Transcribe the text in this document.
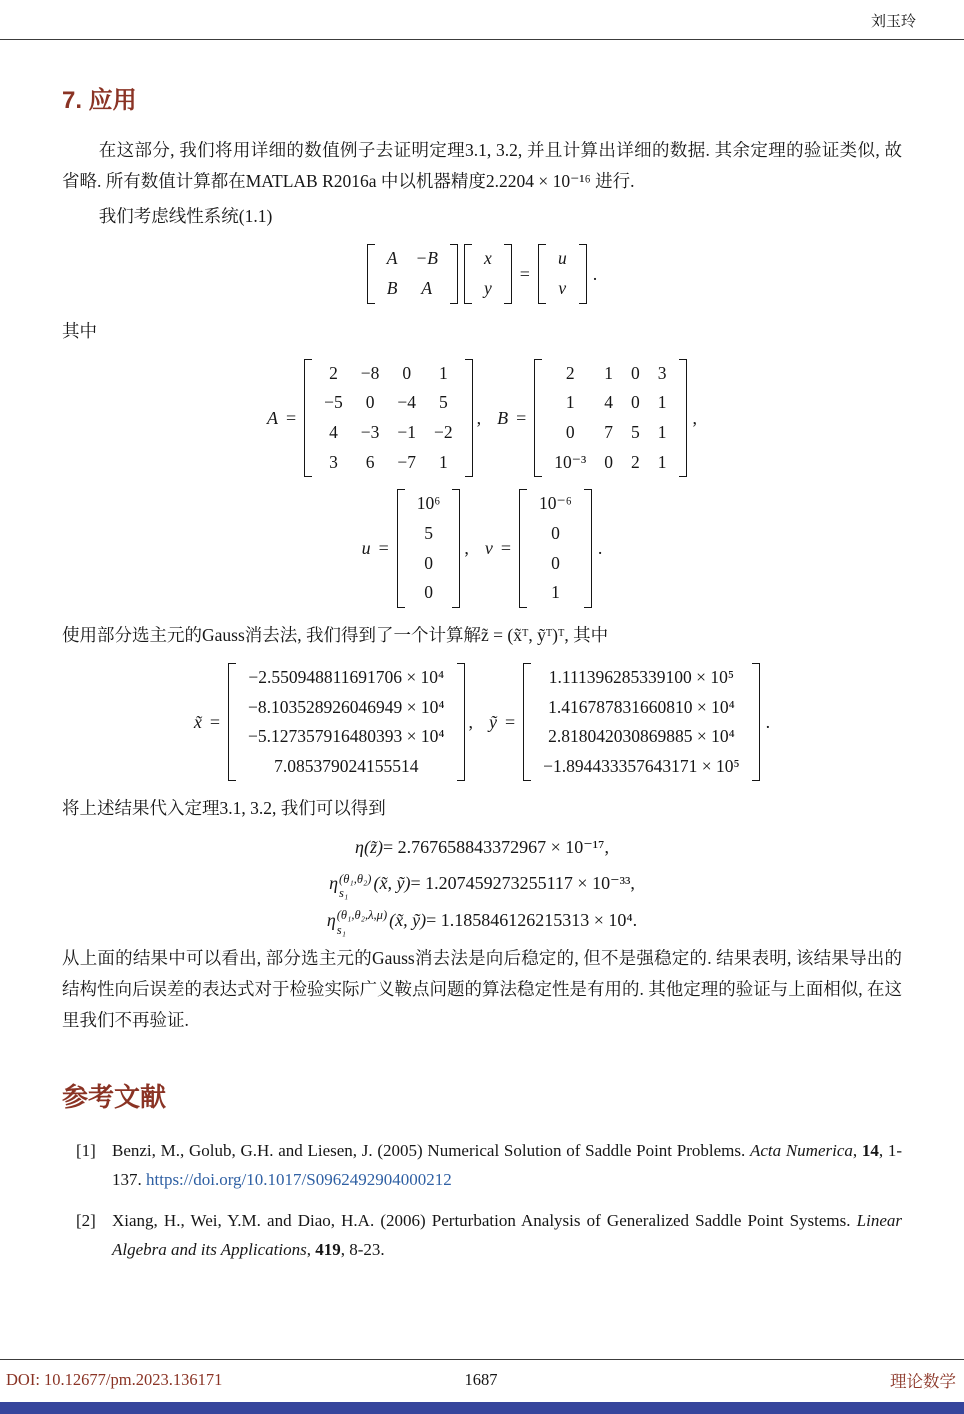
刘玉玲
7. 应用

在这部分, 我们将用详细的数值例子去证明定理3.1, 3.2, 并且计算出详细的数据. 其余定理的验证类似, 故省略. 所有数值计算都在MATLAB R2016a 中以机器精度2.2204 × 10⁻¹⁶ 进行.

我们考虑线性系统(1.1)

A	−B
B	A
x
y
=
u
v
.

其中

A =
2	−8	0	1
−5	0	−4	5
4	−3	−1	−2
3	6	−7	1
, B =
2	1	0	3
1	4	0	1
0	7	5	1
10⁻³	0	2	1
,
u =
10⁶
5
0
0
, v =
10⁻⁶
0
0
1
.

使用部分选主元的Gauss消去法, 我们得到了一个计算解z̃ = (x̃ᵀ, ỹᵀ)ᵀ, 其中

x̃ =
−2.550948811691706 × 10⁴
−8.103528926046949 × 10⁴
−5.127357916480393 × 10⁴
7.085379024155514
, ỹ =
1.111396285339100 × 10⁵
1.416787831660810 × 10⁴
2.818042030869885 × 10⁴
−1.894433357643171 × 10⁵
.

将上述结果代入定理3.1, 3.2, 我们可以得到

η(z̃) = 2.767658843372967 × 10⁻¹⁷,
η (θ₁,θ₂)
s₁ (x̃, ỹ) = 1.207459273255117 × 10⁻³³,
η (θ₁,θ₂,λ,μ)
s₁ (x̃, ỹ) = 1.185846126215313 × 10⁴.

从上面的结果中可以看出, 部分选主元的Gauss消去法是向后稳定的, 但不是强稳定的. 结果表明, 该结果导出的结构性向后误差的表达式对于检验实际广义鞍点问题的算法稳定性是有用的. 其他定理的验证与上面相似, 在这里我们不再验证.

参考文献
[1] Benzi, M., Golub, G.H. and Liesen, J. (2005) Numerical Solution of Saddle Point Problems. Acta Numerica, 14, 1-137. https://doi.org/10.1017/S0962492904000212

[2] Xiang, H., Wei, Y.M. and Diao, H.A. (2006) Perturbation Analysis of Generalized Saddle Point Systems. Linear Algebra and its Applications, 419, 8-23.

DOI: 10.12677/pm.2023.136171	1687	理论数学
